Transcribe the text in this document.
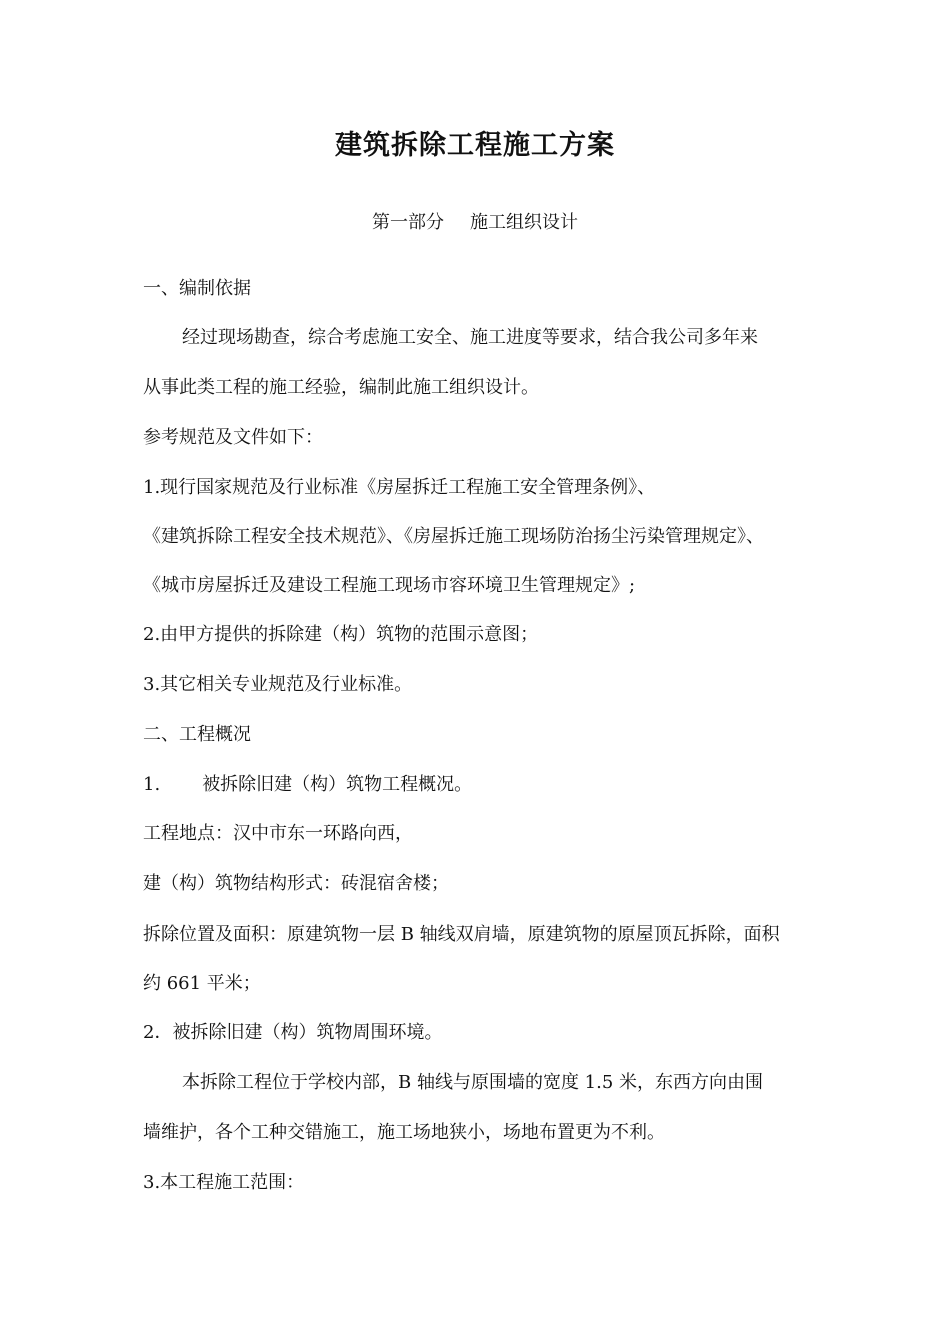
建筑拆除工程施工方案
第一部分 施工组织设计
一、编制依据
经过现场勘查，综合考虑施工安全、施工进度等要求，结合我公司多年来
从事此类工程的施工经验，编制此施工组织设计。
参考规范及文件如下：
1.现行国家规范及行业标准《房屋拆迁工程施工安全管理条例》、
《建筑拆除工程安全技术规范》、《房屋拆迁施工现场防治扬尘污染管理规定》、
《城市房屋拆迁及建设工程施工现场市容环境卫生管理规定》;
2.由甲方提供的拆除建（构）筑物的范围示意图；
3.其它相关专业规范及行业标准。
二、工程概况
1. 被拆除旧建（构）筑物工程概况。
工程地点：汉中市东一环路向西，
建（构）筑物结构形式：砖混宿舍楼；
拆除位置及面积：原建筑物一层 B 轴线双肩墙，原建筑物的原屋顶瓦拆除，面积
约 661 平米；
2．被拆除旧建（构）筑物周围环境。
本拆除工程位于学校内部，B 轴线与原围墙的宽度 1.5 米，东西方向由围
墙维护，各个工种交错施工，施工场地狭小，场地布置更为不利。
3.本工程施工范围：
